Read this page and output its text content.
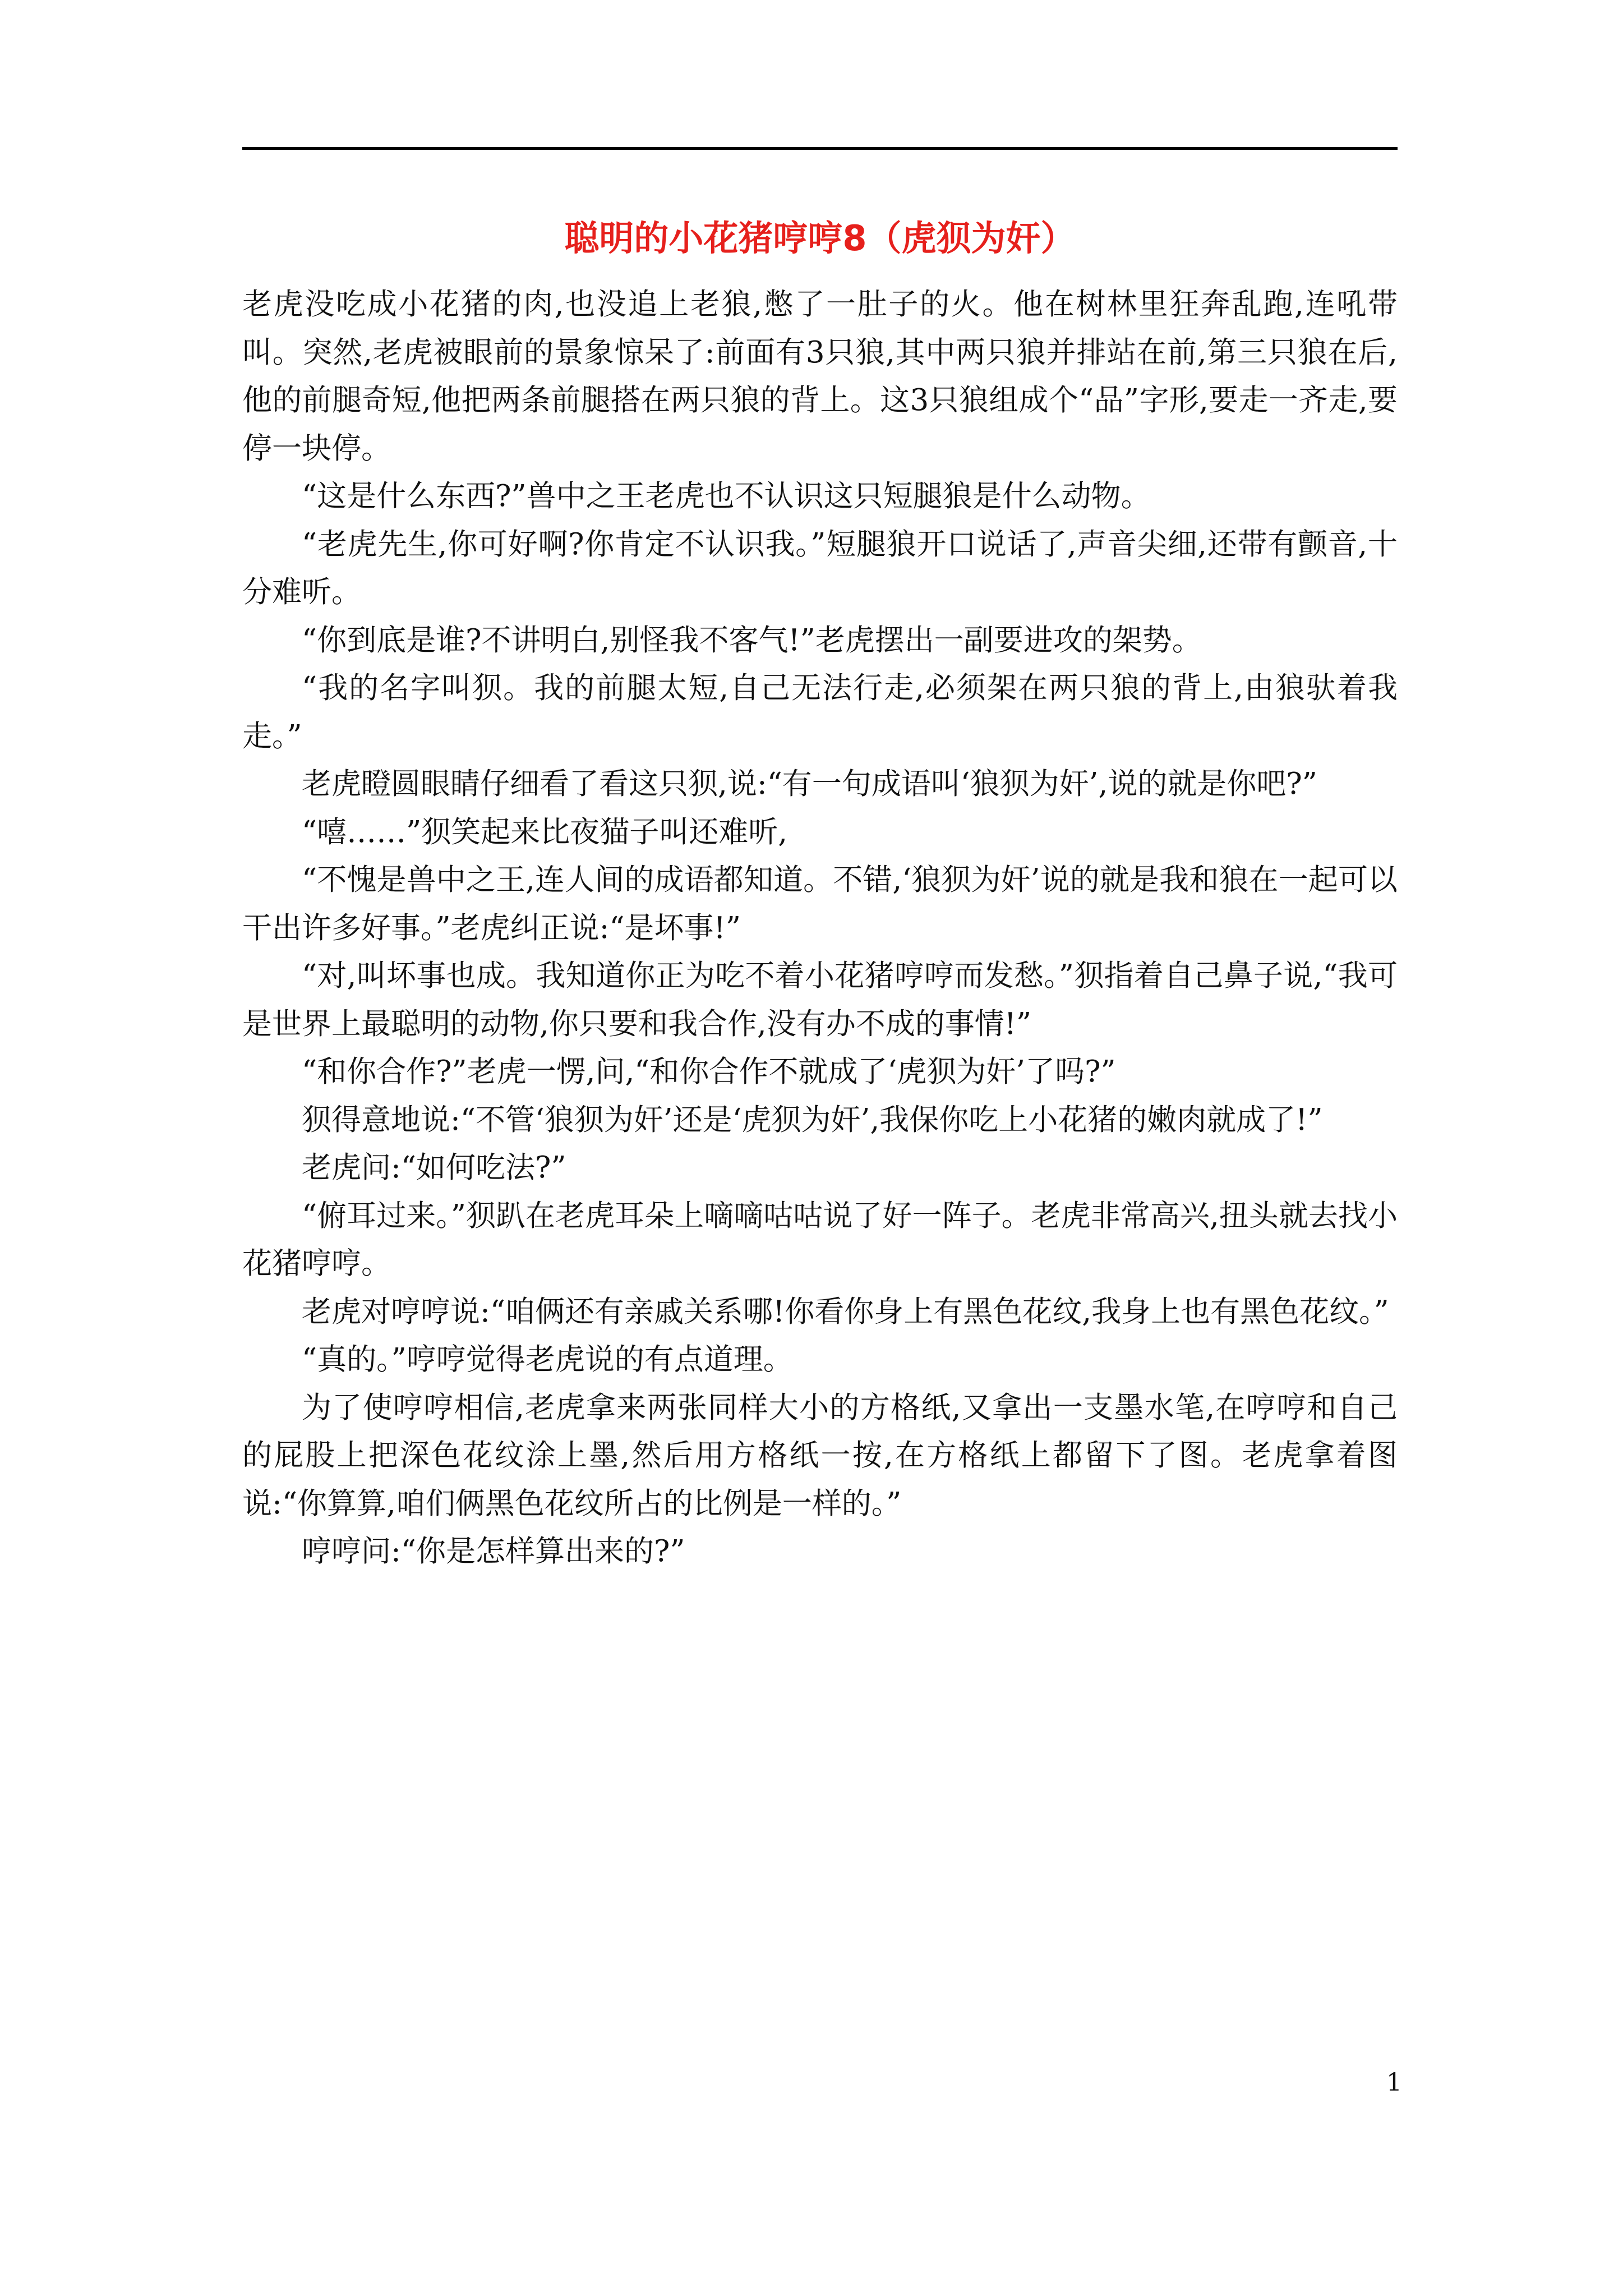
聪明的小花猪哼哼8（虎狈为奸）

老虎没吃成小花猪的肉,也没追上老狼,憋了一肚子的火。他在树林里狂奔乱跑,连吼带叫。突然,老虎被眼前的景象惊呆了:前面有3只狼,其中两只狼并排站在前,第三只狼在后,他的前腿奇短,他把两条前腿搭在两只狼的背上。这3只狼组成个“品”字形,要走一齐走,要停一块停。

“这是什么东西?”兽中之王老虎也不认识这只短腿狼是什么动物。

“老虎先生,你可好啊?你肯定不认识我。”短腿狼开口说话了,声音尖细,还带有颤音,十分难听。

“你到底是谁?不讲明白,别怪我不客气!”老虎摆出一副要进攻的架势。

“我的名字叫狈。我的前腿太短,自己无法行走,必须架在两只狼的背上,由狼驮着我走。”

老虎瞪圆眼睛仔细看了看这只狈,说:“有一句成语叫‘狼狈为奸’,说的就是你吧?”

“嘻……”狈笑起来比夜猫子叫还难听,

“不愧是兽中之王,连人间的成语都知道。不错,‘狼狈为奸’说的就是我和狼在一起可以干出许多好事。”老虎纠正说:“是坏事!”

“对,叫坏事也成。我知道你正为吃不着小花猪哼哼而发愁。”狈指着自己鼻子说,“我可是世界上最聪明的动物,你只要和我合作,没有办不成的事情!”

“和你合作?”老虎一愣,问,“和你合作不就成了‘虎狈为奸’了吗?”

狈得意地说:“不管‘狼狈为奸’还是‘虎狈为奸’,我保你吃上小花猪的嫩肉就成了!”

老虎问:“如何吃法?”

“俯耳过来。”狈趴在老虎耳朵上嘀嘀咕咕说了好一阵子。老虎非常高兴,扭头就去找小花猪哼哼。

老虎对哼哼说:“咱俩还有亲戚关系哪!你看你身上有黑色花纹,我身上也有黑色花纹。”

“真的。”哼哼觉得老虎说的有点道理。

为了使哼哼相信,老虎拿来两张同样大小的方格纸,又拿出一支墨水笔,在哼哼和自己的屁股上把深色花纹涂上墨,然后用方格纸一按,在方格纸上都留下了图。老虎拿着图说:“你算算,咱们俩黑色花纹所占的比例是一样的。”

哼哼问:“你是怎样算出来的?”

1
